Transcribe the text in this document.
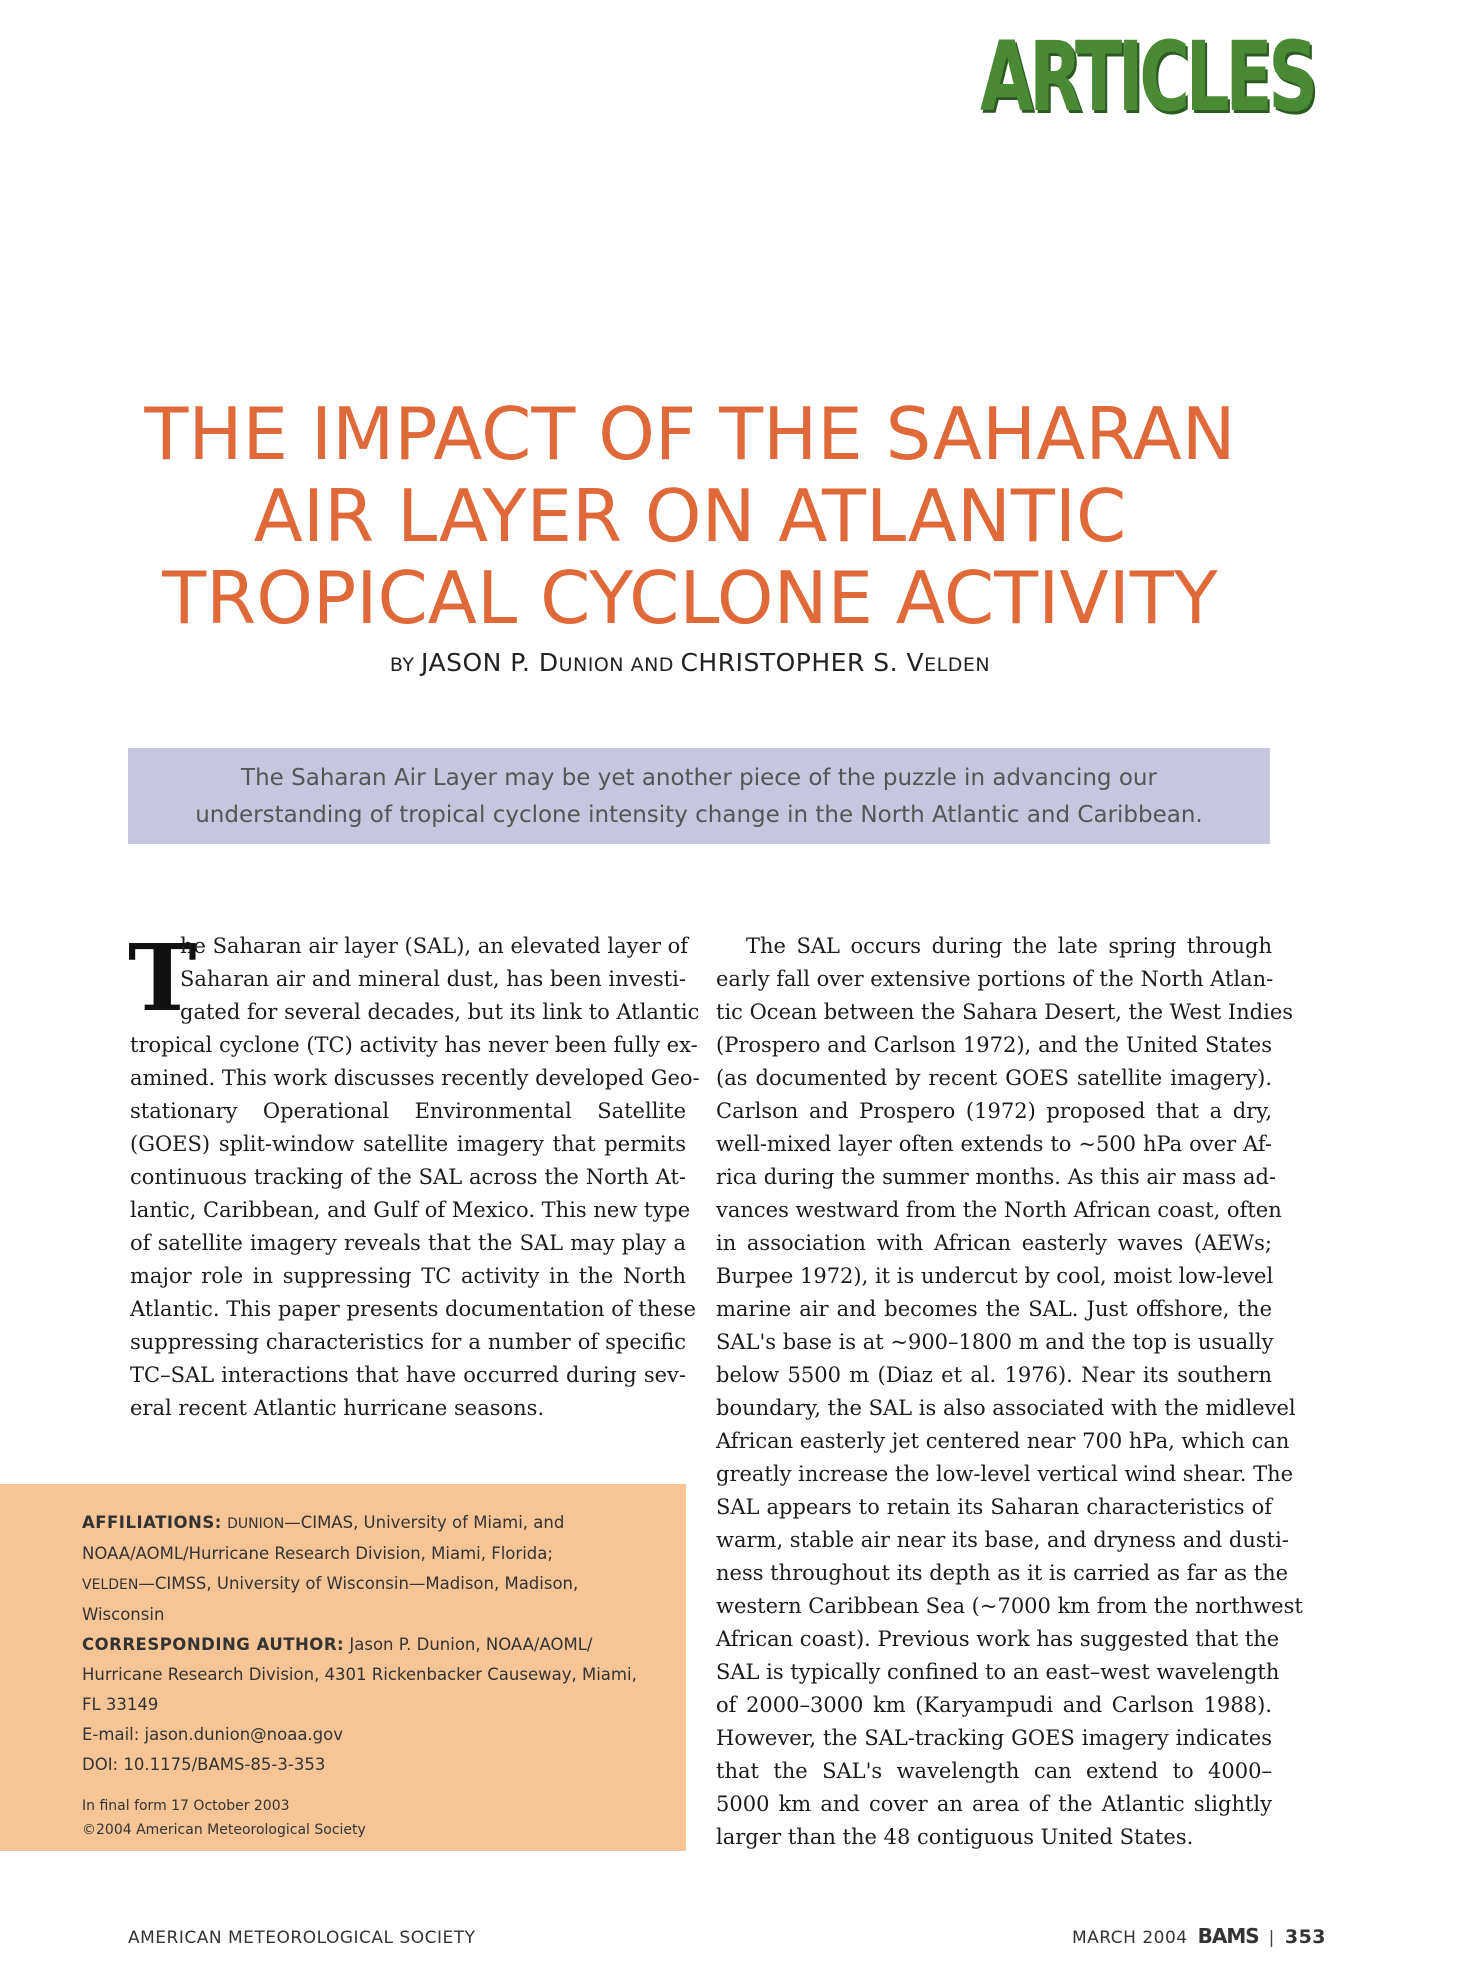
ARTICLES
THE IMPACT OF THE SAHARAN
AIR LAYER ON ATLANTIC
TROPICAL CYCLONE ACTIVITY
BY JASON P. DUNION AND CHRISTOPHER S. VELDEN
The Saharan Air Layer may be yet another piece of the puzzle in advancing our
understanding of tropical cyclone intensity change in the North Atlantic and Caribbean.
T
he Saharan air layer (SAL), an elevated layer of
Saharan air and mineral dust, has been investi-
gated for several decades, but its link to Atlantic
tropical cyclone (TC) activity has never been fully ex-
amined. This work discusses recently developed Geo-
stationary Operational Environmental Satellite
(GOES) split-window satellite imagery that permits
continuous tracking of the SAL across the North At-
lantic, Caribbean, and Gulf of Mexico. This new type
of satellite imagery reveals that the SAL may play a
major role in suppressing TC activity in the North
Atlantic. This paper presents documentation of these
suppressing characteristics for a number of specific
TC–SAL interactions that have occurred during sev-
eral recent Atlantic hurricane seasons.
The SAL occurs during the late spring through
early fall over extensive portions of the North Atlan-
tic Ocean between the Sahara Desert, the West Indies
(Prospero and Carlson 1972), and the United States
(as documented by recent GOES satellite imagery).
Carlson and Prospero (1972) proposed that a dry,
well-mixed layer often extends to ~500 hPa over Af-
rica during the summer months. As this air mass ad-
vances westward from the North African coast, often
in association with African easterly waves (AEWs;
Burpee 1972), it is undercut by cool, moist low-level
marine air and becomes the SAL. Just offshore, the
SAL's base is at ~900–1800 m and the top is usually
below 5500 m (Diaz et al. 1976). Near its southern
boundary, the SAL is also associated with the midlevel
African easterly jet centered near 700 hPa, which can
greatly increase the low-level vertical wind shear. The
SAL appears to retain its Saharan characteristics of
warm, stable air near its base, and dryness and dusti-
ness throughout its depth as it is carried as far as the
western Caribbean Sea (~7000 km from the northwest
African coast). Previous work has suggested that the
SAL is typically confined to an east–west wavelength
of 2000–3000 km (Karyampudi and Carlson 1988).
However, the SAL-tracking GOES imagery indicates
that the SAL's wavelength can extend to 4000–
5000 km and cover an area of the Atlantic slightly
larger than the 48 contiguous United States.
AFFILIATIONS: DUNION—CIMAS, University of Miami, and
NOAA/AOML/Hurricane Research Division, Miami, Florida;
VELDEN—CIMSS, University of Wisconsin—Madison, Madison,
Wisconsin
CORRESPONDING AUTHOR: Jason P. Dunion, NOAA/AOML/
Hurricane Research Division, 4301 Rickenbacker Causeway, Miami,
FL 33149
E-mail: jason.dunion@noaa.gov
DOI: 10.1175/BAMS-85-3-353
In final form 17 October 2003
©2004 American Meteorological Society
AMERICAN METEOROLOGICAL SOCIETY	MARCH 2004 BAMS | 353
